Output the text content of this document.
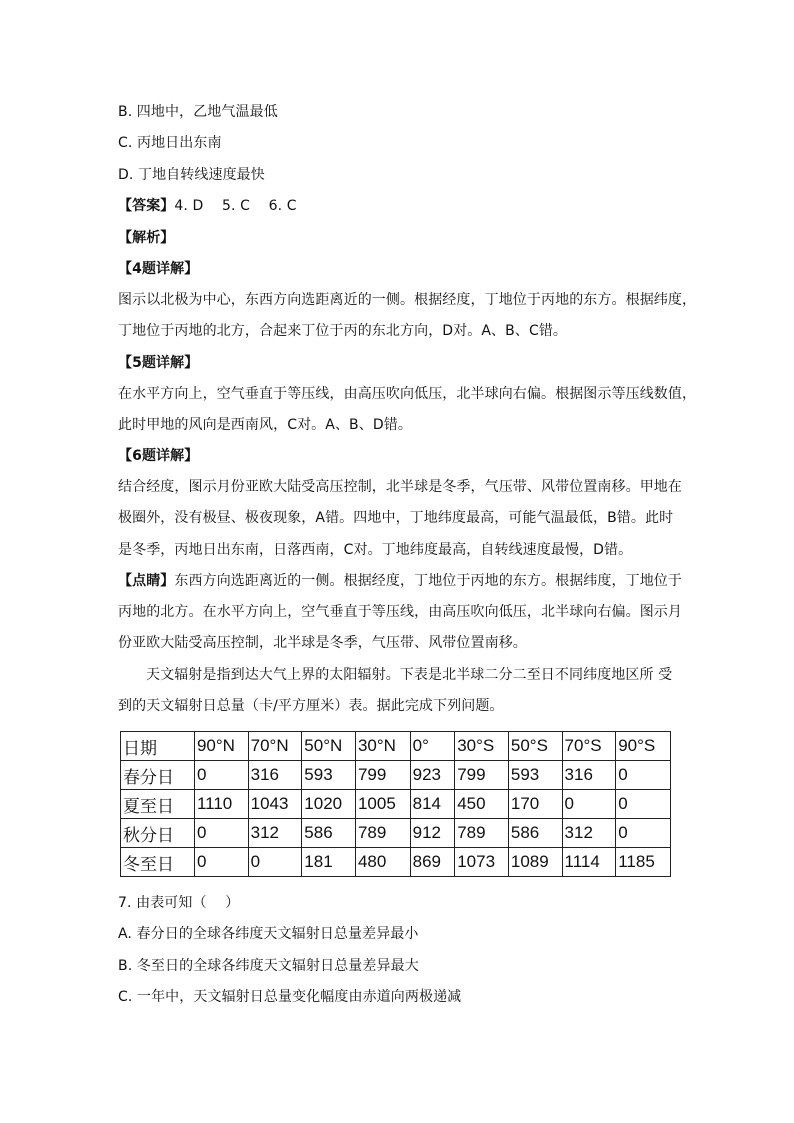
B. 四地中，乙地气温最低
C. 丙地日出东南
D. 丁地自转线速度最快
【答案】4. D　 5. C　 6. C
【解析】
【4题详解】
图示以北极为中心，东西方向选距离近的一侧。根据经度，丁地位于丙地的东方。根据纬度，
丁地位于丙地的北方，合起来丁位于丙的东北方向，D对。A、B、C错。
【5题详解】
在水平方向上，空气垂直于等压线，由高压吹向低压，北半球向右偏。根据图示等压线数值，
此时甲地的风向是西南风，C对。A、B、D错。
【6题详解】
结合经度，图示月份亚欧大陆受高压控制，北半球是冬季，气压带、风带位置南移。甲地在
极圈外，没有极昼、极夜现象，A错。四地中，丁地纬度最高，可能气温最低，B错。此时
是冬季，丙地日出东南，日落西南，C对。丁地纬度最高，自转线速度最慢，D错。
【点睛】东西方向选距离近的一侧。根据经度，丁地位于丙地的东方。根据纬度，丁地位于
丙地的北方。在水平方向上，空气垂直于等压线，由高压吹向低压，北半球向右偏。图示月
份亚欧大陆受高压控制，北半球是冬季，气压带、风带位置南移。
天文辐射是指到达大气上界的太阳辐射。下表是北半球二分二至日不同纬度地区所 受
到的天文辐射日总量（卡/平方厘米）表。据此完成下列问题。
日期	90°N	70°N	50°N	30°N	0°	30°S	50°S	70°S	90°S
春分日	0	316	593	799	923	799	593	316	0
夏至日	1110	1043	1020	1005	814	450	170	0	0
秋分日	0	312	586	789	912	789	586	312	0
冬至日	0	0	181	480	869	1073	1089	1114	1185
7. 由表可知（　 ）
A. 春分日的全球各纬度天文辐射日总量差异最小
B. 冬至日的全球各纬度天文辐射日总量差异最大
C. 一年中，天文辐射日总量变化幅度由赤道向两极递减
